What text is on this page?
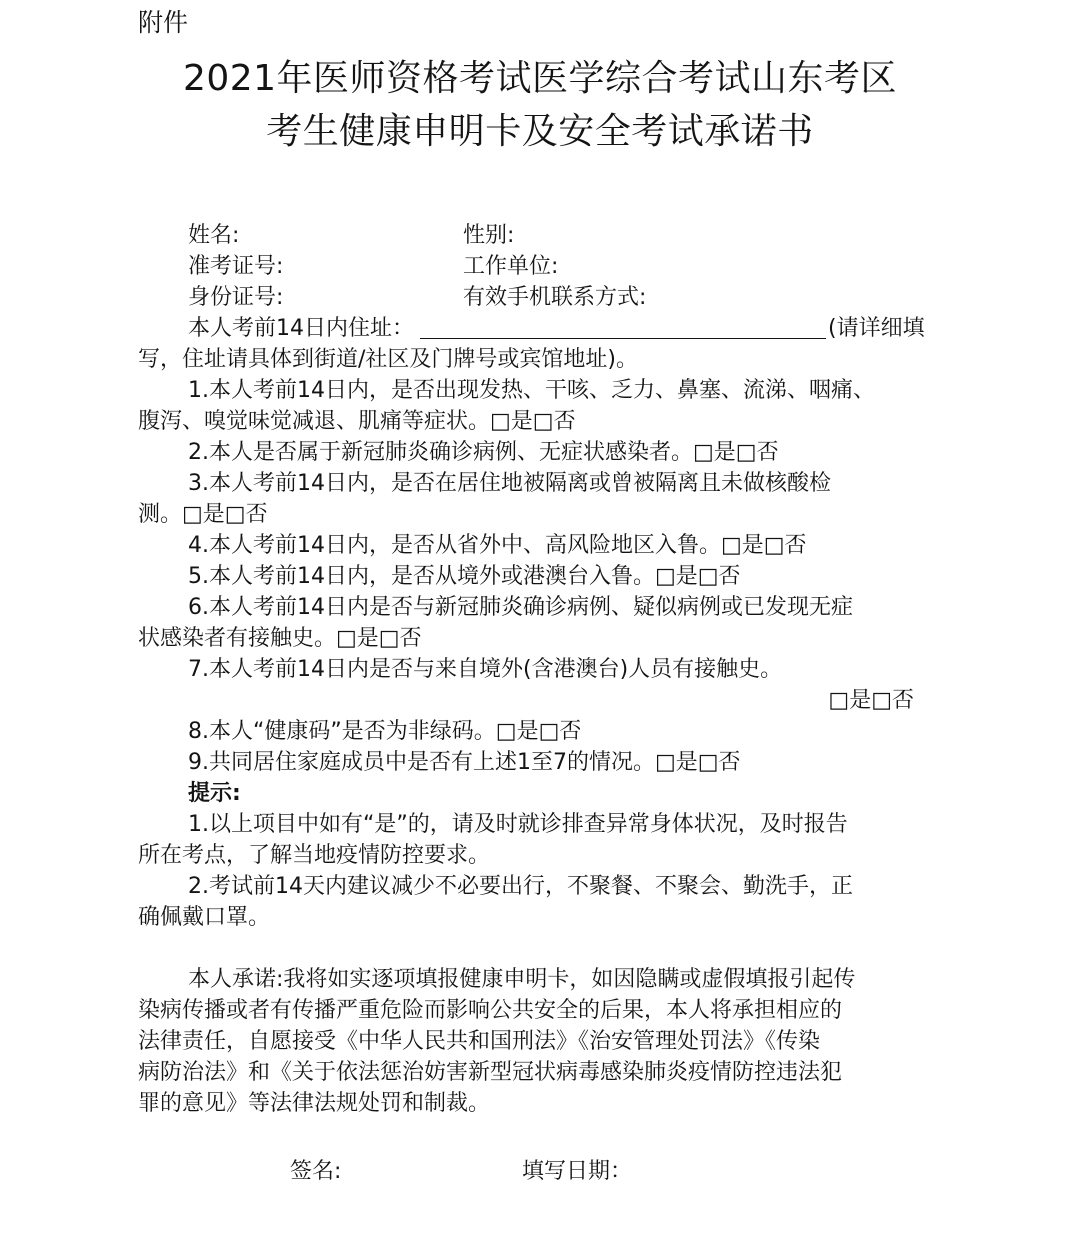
附件

2021年医师资格考试医学综合考试山东考区
考生健康申明卡及安全考试承诺书
姓名:	性别:
准考证号:	工作单位:
身份证号:	有效手机联系方式:
本人考前14日内住址：	(请详细填
写，住址请具体到街道/社区及门牌号或宾馆地址)。
1.本人考前14日内，是否出现发热、干咳、乏力、鼻塞、流涕、咽痛、
腹泻、嗅觉味觉减退、肌痛等症状。□是□否
2.本人是否属于新冠肺炎确诊病例、无症状感染者。□是□否
3.本人考前14日内，是否在居住地被隔离或曾被隔离且未做核酸检
测。□是□否
4.本人考前14日内，是否从省外中、高风险地区入鲁。□是□否
5.本人考前14日内，是否从境外或港澳台入鲁。□是□否
6.本人考前14日内是否与新冠肺炎确诊病例、疑似病例或已发现无症
状感染者有接触史。□是□否
7.本人考前14日内是否与来自境外(含港澳台)人员有接触史。
□是□否
8.本人“健康码”是否为非绿码。□是□否
9.共同居住家庭成员中是否有上述1至7的情况。□是□否
提示:
1.以上项目中如有“是”的，请及时就诊排查异常身体状况，及时报告
所在考点，了解当地疫情防控要求。
2.考试前14天内建议减少不必要出行，不聚餐、不聚会、勤洗手，正
确佩戴口罩。
本人承诺:我将如实逐项填报健康申明卡，如因隐瞒或虚假填报引起传
染病传播或者有传播严重危险而影响公共安全的后果，本人将承担相应的
法律责任，自愿接受《中华人民共和国刑法》《治安管理处罚法》《传染
病防治法》和《关于依法惩治妨害新型冠状病毒感染肺炎疫情防控违法犯
罪的意见》等法律法规处罚和制裁。
签名:	填写日期：
